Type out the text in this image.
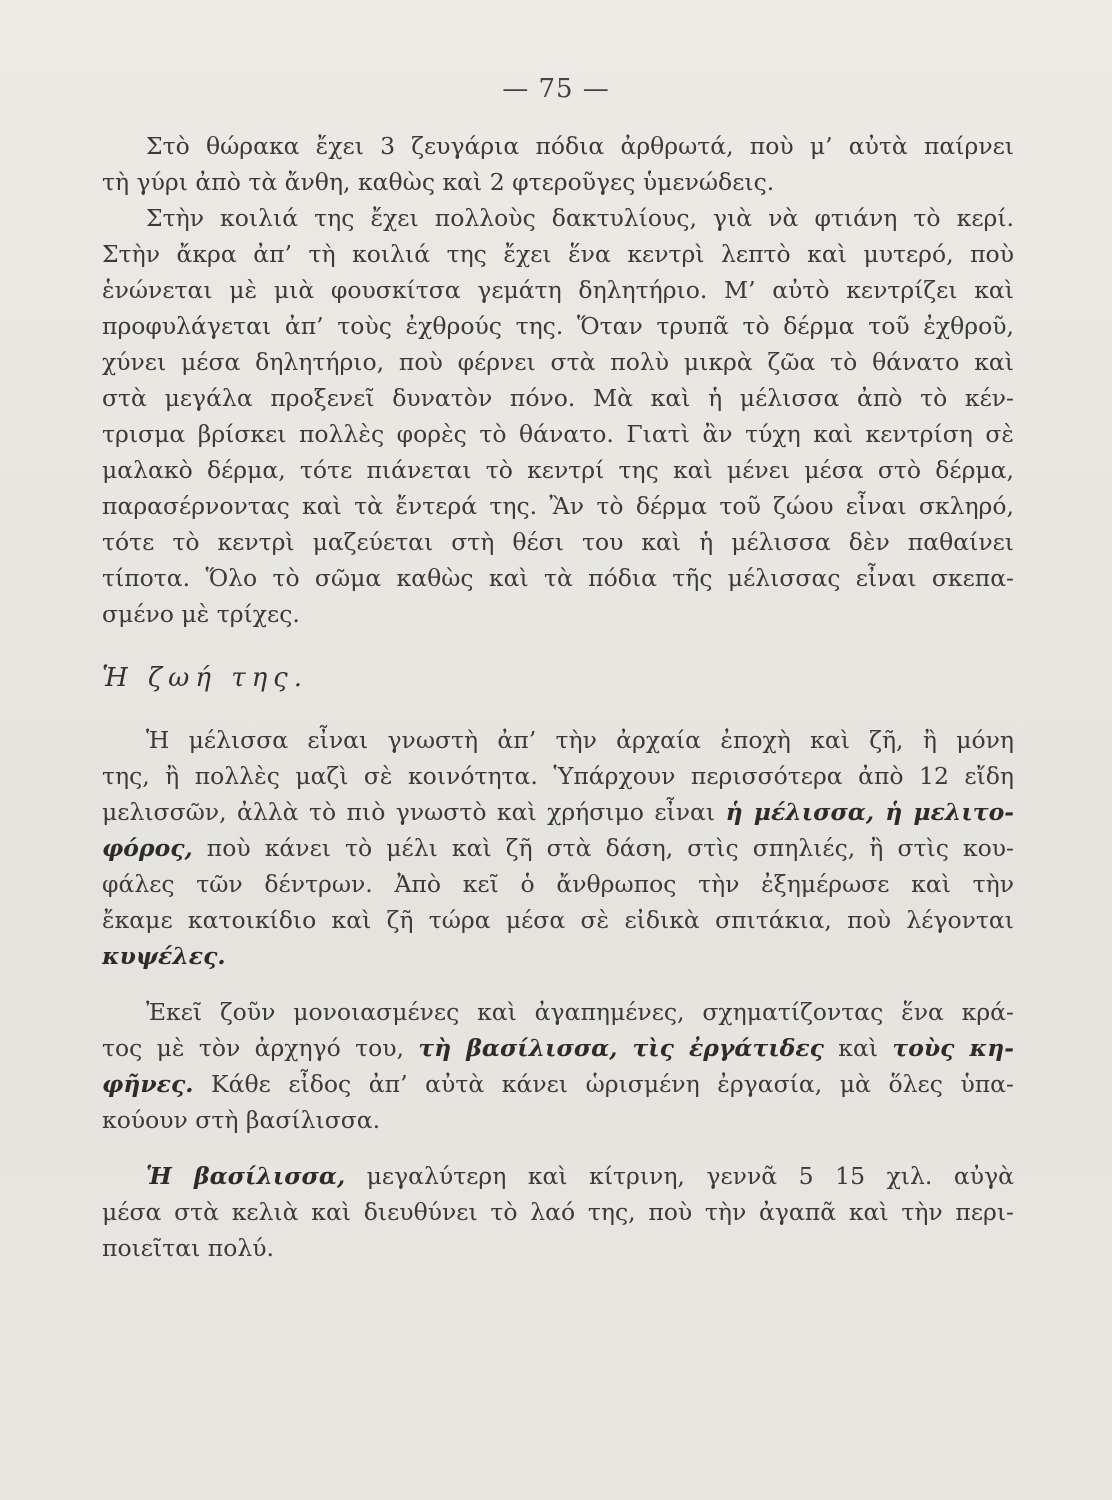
— 75 —
Στὸ θώρακα ἔχει 3 ζευγάρια πόδια ἀρθρωτά, ποὺ μ’ αὐτὰ παίρνει
τὴ γύρι ἀπὸ τὰ ἄνθη, καθὼς καὶ 2 φτεροῦγες ὑμενώδεις.
Στὴν κοιλιά της ἔχει πολλοὺς δακτυλίους, γιὰ νὰ φτιάνη τὸ κερί.
Στὴν ἄκρα ἀπ’ τὴ κοιλιά της ἔχει ἕνα κεντρὶ λεπτὸ καὶ μυτερό, ποὺ
ἑνώνεται μὲ μιὰ φουσκίτσα γεμάτη δηλητήριο. Μ’ αὐτὸ κεντρίζει καὶ
προφυλάγεται ἀπ’ τοὺς ἐχθρούς της. Ὅταν τρυπᾶ τὸ δέρμα τοῦ ἐχθροῦ,
χύνει μέσα δηλητήριο, ποὺ φέρνει στὰ πολὺ μικρὰ ζῶα τὸ θάνατο καὶ
στὰ μεγάλα προξενεῖ δυνατὸν πόνο. Μὰ καὶ ἡ μέλισσα ἀπὸ τὸ κέν-
τρισμα βρίσκει πολλὲς φορὲς τὸ θάνατο. Γιατὶ ἂν τύχη καὶ κεντρίση σὲ
μαλακὸ δέρμα, τότε πιάνεται τὸ κεντρί της καὶ μένει μέσα στὸ δέρμα,
παρασέρνοντας καὶ τὰ ἔντερά της. Ἂν τὸ δέρμα τοῦ ζώου εἶναι σκληρό,
τότε τὸ κεντρὶ μαζεύεται στὴ θέσι του καὶ ἡ μέλισσα δὲν παθαίνει
τίποτα. Ὅλο τὸ σῶμα καθὼς καὶ τὰ πόδια τῆς μέλισσας εἶναι σκεπα-
σμένο μὲ τρίχες.
Ἡ ζωή της.
Ἡ μέλισσα εἶναι γνωστὴ ἀπ’ τὴν ἀρχαία ἐποχὴ καὶ ζῆ, ἢ μόνη
της, ἢ πολλὲς μαζὶ σὲ κοινότητα. Ὑπάρχουν περισσότερα ἀπὸ 12 εἴδη
μελισσῶν, ἀλλὰ τὸ πιὸ γνωστὸ καὶ χρήσιμο εἶναι ἡ μέλισσα, ἡ μελιτο-
φόρος, ποὺ κάνει τὸ μέλι καὶ ζῆ στὰ δάση, στὶς σπηλιές, ἢ στὶς κου-
φάλες τῶν δέντρων. Ἀπὸ κεῖ ὁ ἄνθρωπος τὴν ἐξημέρωσε καὶ τὴν
ἔκαμε κατοικίδιο καὶ ζῆ τώρα μέσα σὲ εἰδικὰ σπιτάκια, ποὺ λέγονται
κυψέλες.
Ἐκεῖ ζοῦν μονοιασμένες καὶ ἀγαπημένες, σχηματίζοντας ἕνα κρά-
τος μὲ τὸν ἀρχηγό του, τὴ βασίλισσα, τὶς ἐργάτιδες καὶ τοὺς κη-
φῆνες. Κάθε εἶδος ἀπ’ αὐτὰ κάνει ὡρισμένη ἐργασία, μὰ ὅλες ὑπα-
κούουν στὴ βασίλισσα.
Ἡ βασίλισσα, μεγαλύτερη καὶ κίτρινη, γεννᾶ 5 15 χιλ. αὐγὰ
μέσα στὰ κελιὰ καὶ διευθύνει τὸ λαό της, ποὺ τὴν ἀγαπᾶ καὶ τὴν περι-
ποιεῖται πολύ.
